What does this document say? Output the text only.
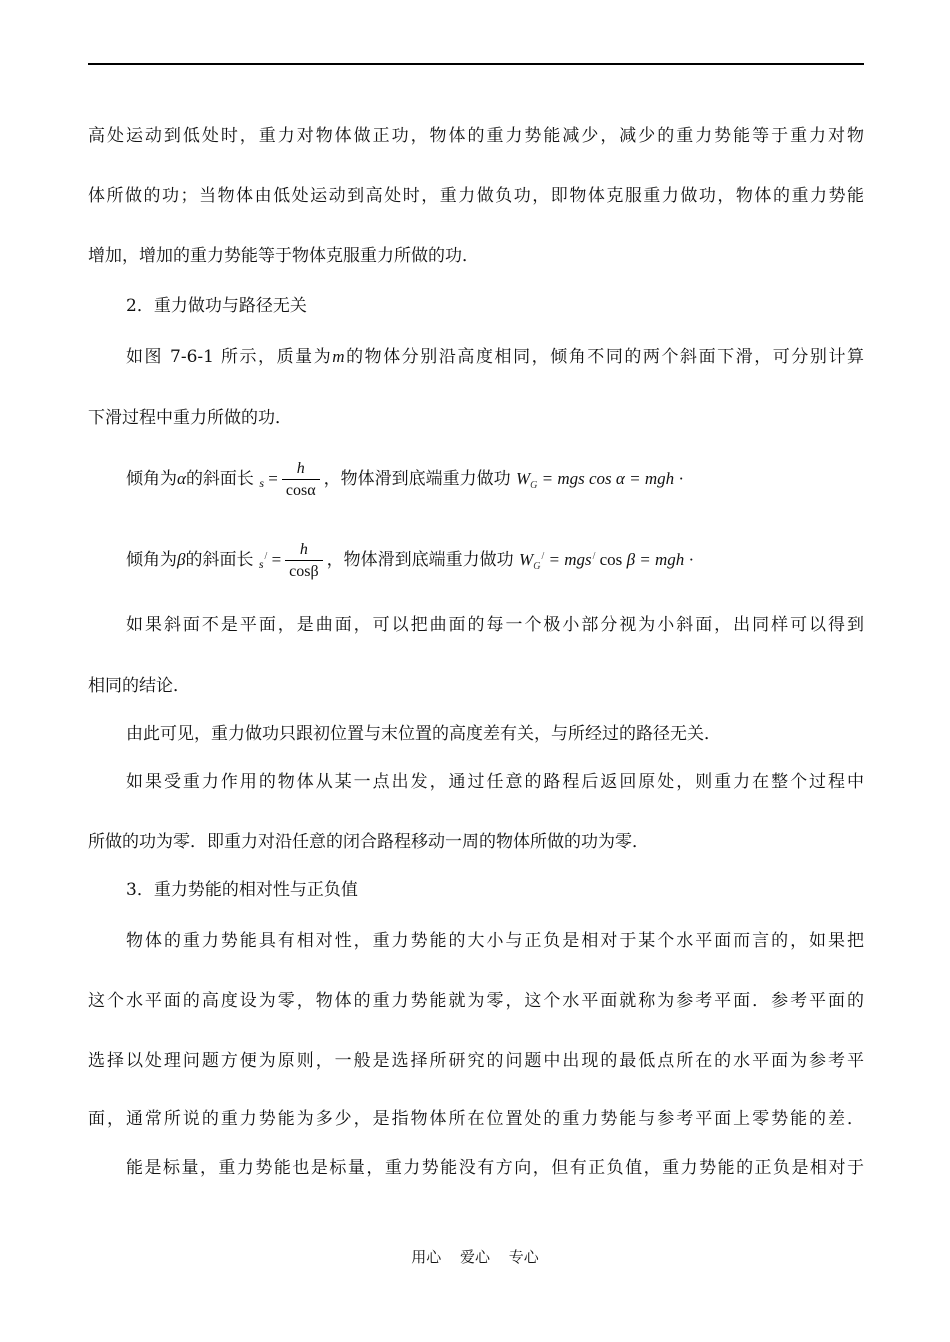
高处运动到低处时，重力对物体做正功，物体的重力势能减少，减少的重力势能等于重力对物
体所做的功；当物体由低处运动到高处时，重力做负功，即物体克服重力做功，物体的重力势能
增加，增加的重力势能等于物体克服重力所做的功．
2．重力做功与路径无关
如图 7-6-1 所示，质量为m的物体分别沿高度相同，倾角不同的两个斜面下滑，可分别计算
下滑过程中重力所做的功．
倾角为α的斜面长 $s = \frac{h}{\cos\alpha}$ ，物体滑到底端重力做功 $W_G$ = mgs cos α = mgh ·
倾角为β的斜面长 $s^/ = \frac{h}{\cos\beta}$ ，物体滑到底端重力做功 $W_G^/ = mgs^/$ cos β = mgh ·
如果斜面不是平面，是曲面，可以把曲面的每一个极小部分视为小斜面，出同样可以得到
相同的结论．
由此可见，重力做功只跟初位置与末位置的高度差有关，与所经过的路径无关．
如果受重力作用的物体从某一点出发，通过任意的路程后返回原处，则重力在整个过程中
所做的功为零．即重力对沿任意的闭合路程移动一周的物体所做的功为零．
3．重力势能的相对性与正负值
物体的重力势能具有相对性，重力势能的大小与正负是相对于某个水平面而言的，如果把
这个水平面的高度设为零，物体的重力势能就为零，这个水平面就称为参考平面．参考平面的
选择以处理问题方便为原则，一般是选择所研究的问题中出现的最低点所在的水平面为参考平
面，通常所说的重力势能为多少，是指物体所在位置处的重力势能与参考平面上零势能的差．
能是标量，重力势能也是标量，重力势能没有方向，但有正负值，重力势能的正负是相对于
用心 爱心 专心
